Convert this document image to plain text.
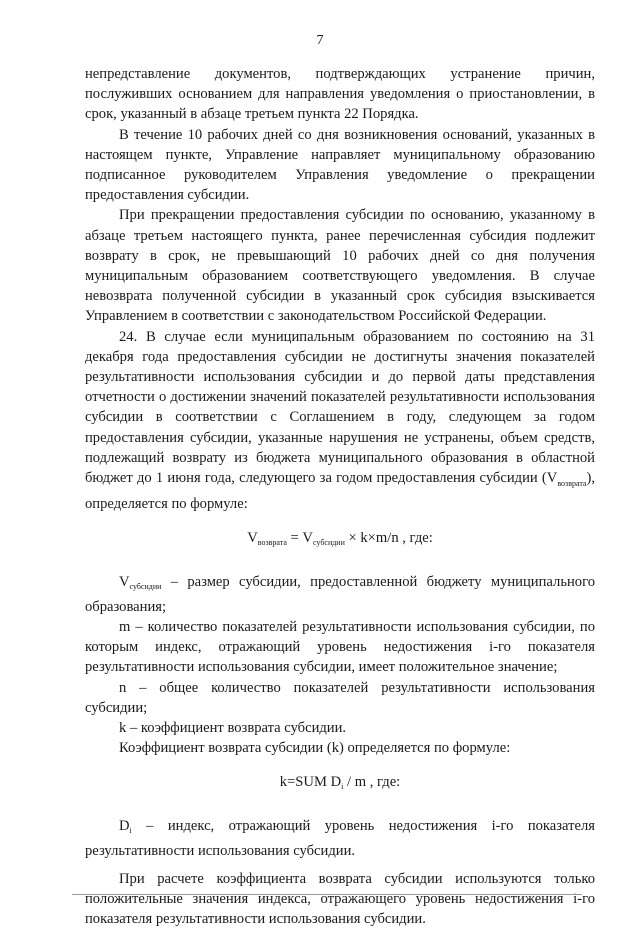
7

непредставление документов, подтверждающих устранение причин, послуживших основанием для направления уведомления о приостановлении, в срок, указанный в абзаце третьем пункта 22 Порядка.

В течение 10 рабочих дней со дня возникновения оснований, указанных в настоящем пункте, Управление направляет муниципальному образованию подписанное руководителем Управления уведомление о прекращении предоставления субсидии.

При прекращении предоставления субсидии по основанию, указанному в абзаце третьем настоящего пункта, ранее перечисленная субсидия подлежит возврату в срок, не превышающий 10 рабочих дней со дня получения муниципальным образованием соответствующего уведомления. В случае невозврата полученной субсидии в указанный срок субсидия взыскивается Управлением в соответствии с законодательством Российской Федерации.

24. В случае если муниципальным образованием по состоянию на 31 декабря года предоставления субсидии не достигнуты значения показателей результативности использования субсидии и до первой даты представления отчетности о достижении значений показателей результативности использования субсидии в соответствии с Соглашением в году, следующем за годом предоставления субсидии, указанные нарушения не устранены, объем средств, подлежащий возврату из бюджета муниципального образования в областной бюджет до 1 июня года, следующего за годом предоставления субсидии $(V_{возврата})$, определяется по формуле:

$V_{возврата} = V_{субсидии} \times k\times m/n$ , где:

$V_{субсидии}$ – размер субсидии, предоставленной бюджету муниципального образования;

m – количество показателей результативности использования субсидии, по которым индекс, отражающий уровень недостижения i-го показателя результативности использования субсидии, имеет положительное значение;

n – общее количество показателей результативности использования субсидии;

k – коэффициент возврата субсидии.

Коэффициент возврата субсидии (k) определяется по формуле:

k=SUM $D_i$ / m , где:

$D_i$ – индекс, отражающий уровень недостижения i-го показателя результативности использования субсидии.

При расчете коэффициента возврата субсидии используются только положительные значения индекса, отражающего уровень недостижения i-го показателя результативности использования субсидии.
